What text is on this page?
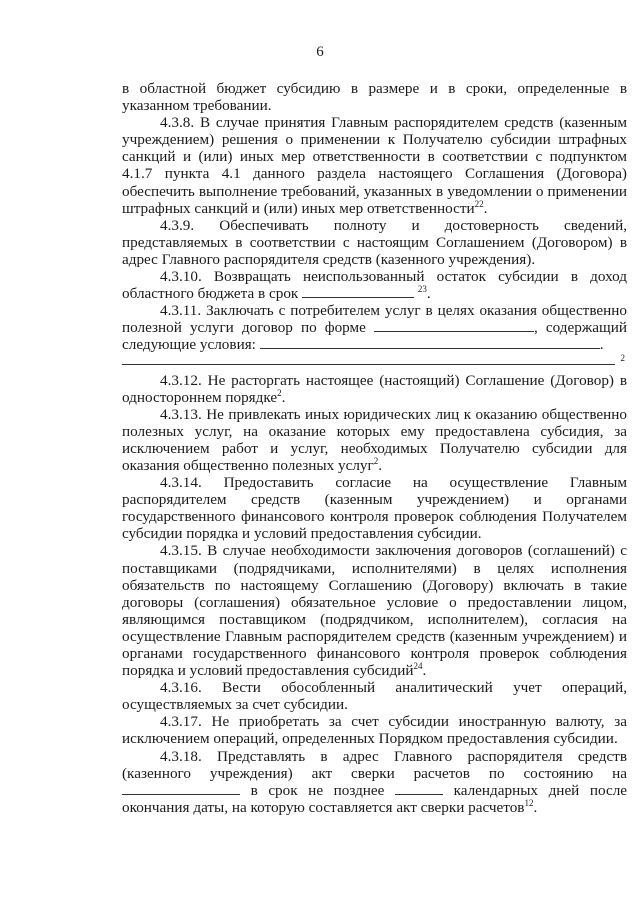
6

в областной бюджет субсидию в размере и в сроки, определенные в указанном требовании.

4.3.8. В случае принятия Главным распорядителем средств (казенным учреждением) решения о применении к Получателю субсидии штрафных санкций и (или) иных мер ответственности в соответствии с подпунктом 4.1.7 пункта 4.1 данного раздела настоящего Соглашения (Договора) обеспечить выполнение требований, указанных в уведомлении о применении штрафных санкций и (или) иных мер ответственности$^{22}$.

4.3.9. Обеспечивать полноту и достоверность сведений, представляемых в соответствии с настоящим Соглашением (Договором) в адрес Главного распорядителя средств (казенного учреждения).

4.3.10. Возвращать неиспользованный остаток субсидии в доход областного бюджета в срок	$^{23}$.

4.3.11. Заключать с потребителем услуг в целях оказания общественно полезной услуги договор по форме	, содержащий следующие условия:	.

2

4.3.12. Не расторгать настоящее (настоящий) Соглашение (Договор) в одностороннем порядке$^2$.

4.3.13. Не привлекать иных юридических лиц к оказанию общественно полезных услуг, на оказание которых ему предоставлена субсидия, за исключением работ и услуг, необходимых Получателю субсидии для оказания общественно полезных услуг$^2$.

4.3.14. Предоставить согласие на осуществление Главным распорядителем средств (казенным учреждением) и органами государственного финансового контроля проверок соблюдения Получателем субсидии порядка и условий предоставления субсидии.

4.3.15. В случае необходимости заключения договоров (соглашений) с поставщиками (подрядчиками, исполнителями) в целях исполнения обязательств по настоящему Соглашению (Договору) включать в такие договоры (соглашения) обязательное условие о предоставлении лицом, являющимся поставщиком (подрядчиком, исполнителем), согласия на осуществление Главным распорядителем средств (казенным учреждением) и органами государственного финансового контроля проверок соблюдения порядка и условий предоставления субсидий$^{24}$.

4.3.16. Вести обособленный аналитический учет операций, осуществляемых за счет субсидии.

4.3.17. Не приобретать за счет субсидии иностранную валюту, за исключением операций, определенных Порядком предоставления субсидии.

4.3.18. Представлять в адрес Главного распорядителя средств (казенного учреждения) акт сверки расчетов по состоянию на  в срок не позднее	календарных дней после окончания даты, на которую составляется акт сверки расчетов$^{12}$.
